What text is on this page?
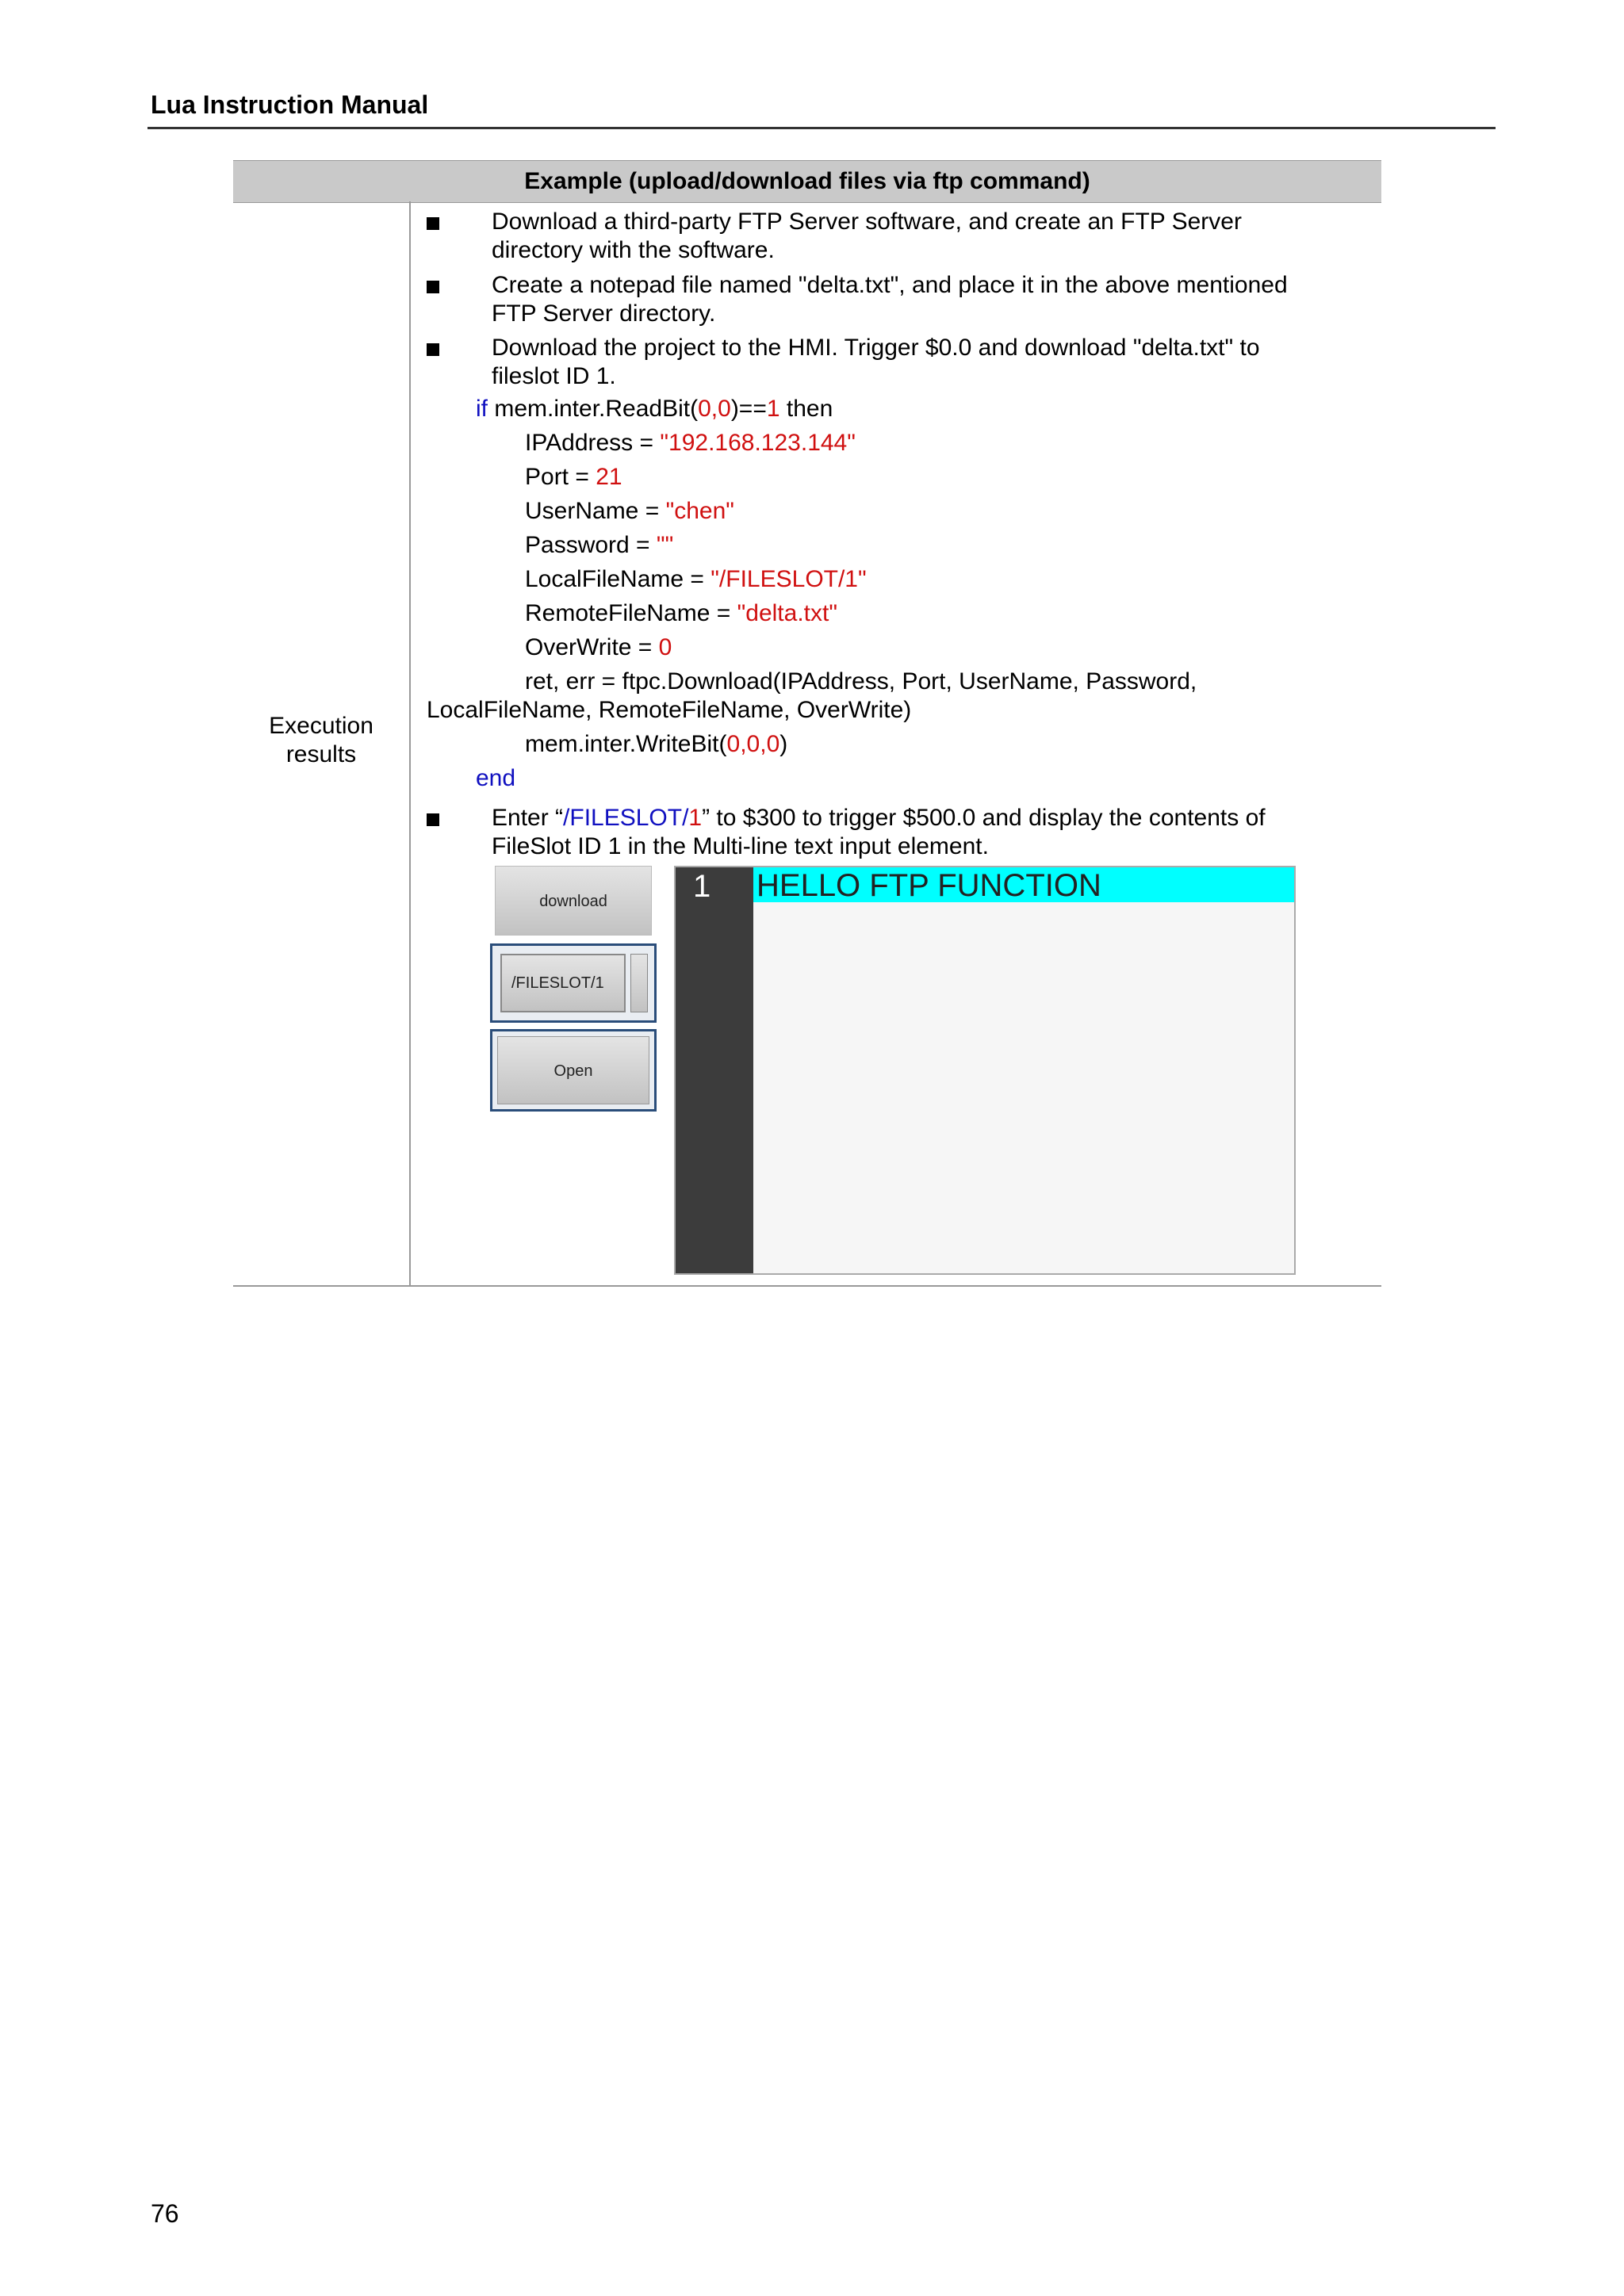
Lua Instruction Manual
Example (upload/download files via ftp command)
Execution results
Download a third-party FTP Server software, and create an FTP Server
directory with the software.
Create a notepad file named "delta.txt", and place it in the above mentioned
FTP Server directory.
Download the project to the HMI. Trigger $0.0 and download "delta.txt" to
fileslot ID 1.
if mem.inter.ReadBit(0,0)==1 then
IPAddress = "192.168.123.144"
Port = 21
UserName = "chen"
Password = ""
LocalFileName = "/FILESLOT/1"
RemoteFileName = "delta.txt"
OverWrite = 0
ret, err = ftpc.Download(IPAddress, Port, UserName, Password,
LocalFileName, RemoteFileName, OverWrite)
mem.inter.WriteBit(0,0,0)
end
Enter “/FILESLOT/1” to $300 to trigger $500.0 and display the contents of
FileSlot ID 1 in the Multi-line text input element.
download
/FILESLOT/1
Open
1 HELLO FTP FUNCTION
76
